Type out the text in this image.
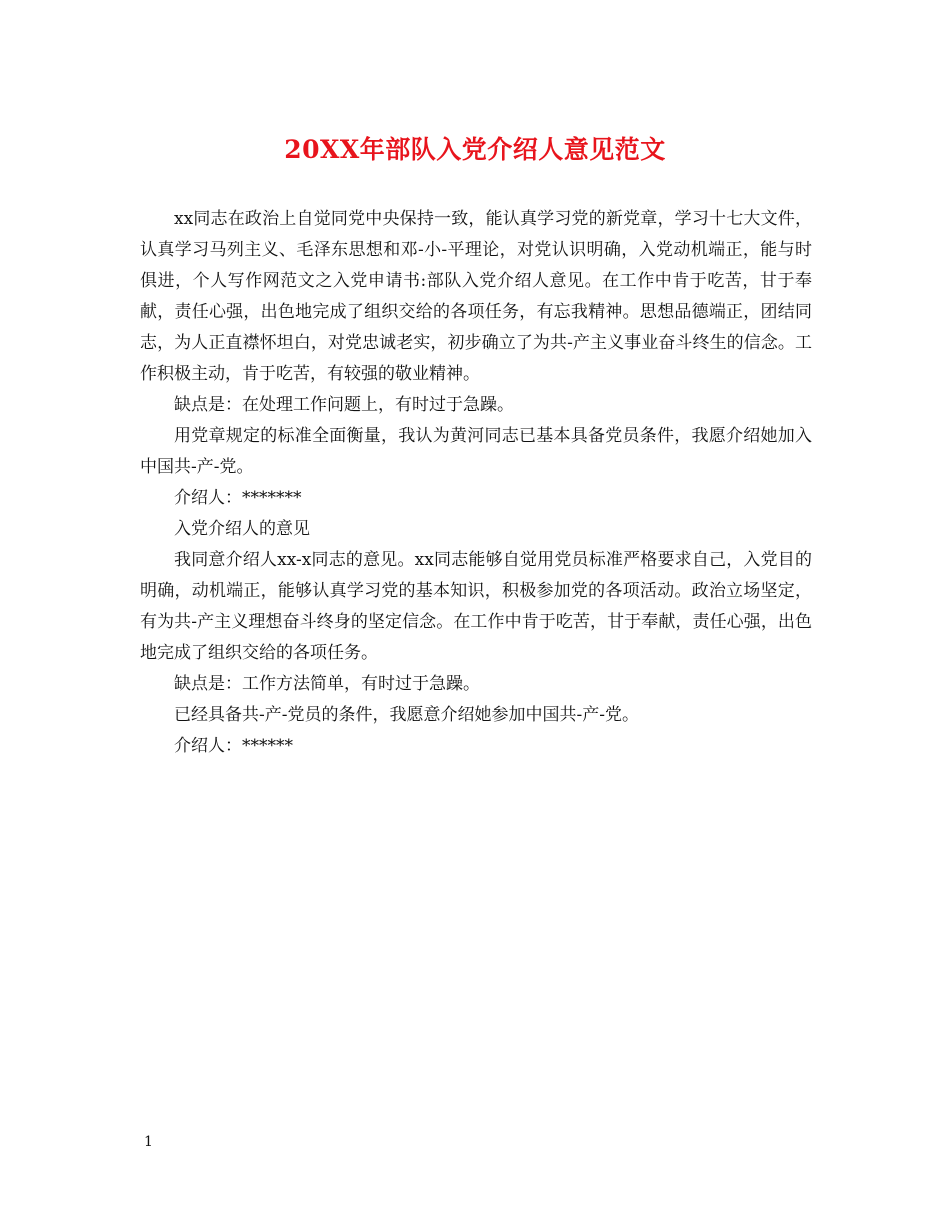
20XX年部队入党介绍人意见范文

xx同志在政治上自觉同党中央保持一致，能认真学习党的新党章，学习十七大文件，认真学习马列主义、毛泽东思想和邓-小-平理论，对党认识明确，入党动机端正，能与时俱进，个人写作网范文之入党申请书:部队入党介绍人意见。在工作中肯于吃苦，甘于奉献，责任心强，出色地完成了组织交给的各项任务，有忘我精神。思想品德端正，团结同志，为人正直襟怀坦白，对党忠诚老实，初步确立了为共-产主义事业奋斗终生的信念。工作积极主动，肯于吃苦，有较强的敬业精神。

缺点是：在处理工作问题上，有时过于急躁。

用党章规定的标准全面衡量，我认为黄河同志已基本具备党员条件，我愿介绍她加入中国共-产-党。

介绍人：*******

入党介绍人的意见

我同意介绍人xx-x同志的意见。xx同志能够自觉用党员标准严格要求自己，入党目的明确，动机端正，能够认真学习党的基本知识，积极参加党的各项活动。政治立场坚定，有为共-产主义理想奋斗终身的坚定信念。在工作中肯于吃苦，甘于奉献，责任心强，出色地完成了组织交给的各项任务。

缺点是：工作方法简单，有时过于急躁。

已经具备共-产-党员的条件，我愿意介绍她参加中国共-产-党。

介绍人：******

1
